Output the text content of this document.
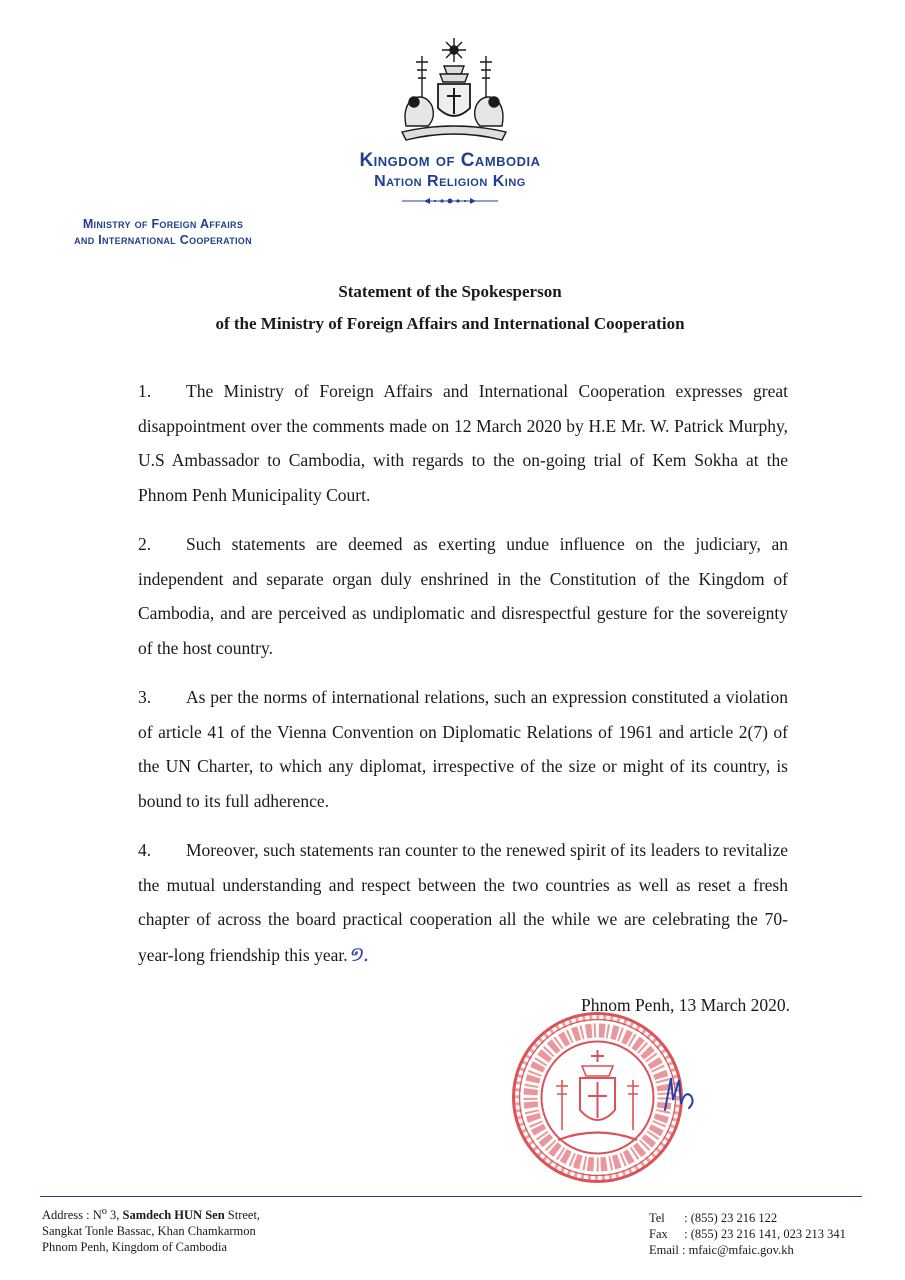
Kingdom of Cambodia
Nation Religion King
Ministry of Foreign Affairs
and International Cooperation
Statement of the Spokesperson
of the Ministry of Foreign Affairs and International Cooperation

1. The Ministry of Foreign Affairs and International Cooperation expresses great disappointment over the comments made on 12 March 2020 by H.E Mr. W. Patrick Murphy, U.S Ambassador to Cambodia, with regards to the on-going trial of Kem Sokha at the Phnom Penh Municipality Court.

2. Such statements are deemed as exerting undue influence on the judiciary, an independent and separate organ duly enshrined in the Constitution of the Kingdom of Cambodia, and are perceived as undiplomatic and disrespectful gesture for the sovereignty of the host country.

3. As per the norms of international relations, such an expression constituted a violation of article 41 of the Vienna Convention on Diplomatic Relations of 1961 and article 2(7) of the UN Charter, to which any diplomat, irrespective of the size or might of its country, is bound to its full adherence.

4. Moreover, such statements ran counter to the renewed spirit of its leaders to revitalize the mutual understanding and respect between the two countries as well as reset a fresh chapter of across the board practical cooperation all the while we are celebrating the 70-year-long friendship this year.១.

Phnom Penh, 13 March 2020.
Address : $N^o$ 3, Samdech HUN Sen Street,
Sangkat Tonle Bassac, Khan Chamkarmon
Phnom Penh, Kingdom of Cambodia
Tel : (855) 23 216 122
Fax : (855) 23 216 141, 023 213 341
Email : mfaic@mfaic.gov.kh
